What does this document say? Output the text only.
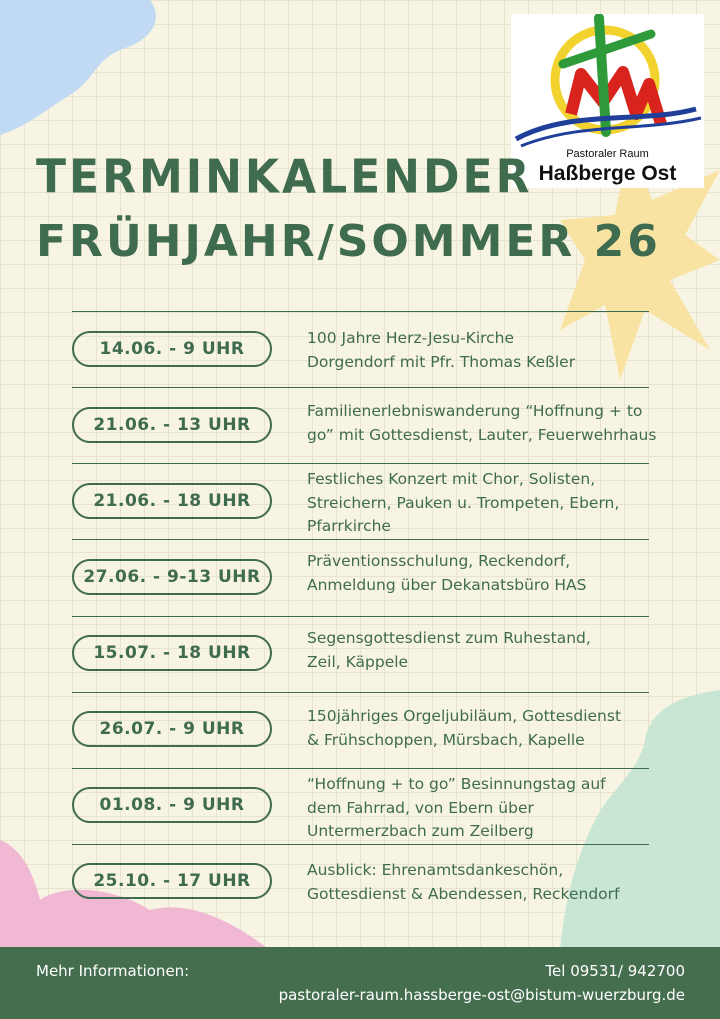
Pastoraler Raum
Haßberge Ost
TERMINKALENDER
FRÜHJAHR/SOMMER 26
14.06. - 9 UHR
100 Jahre Herz-Jesu-Kirche
Dorgendorf mit Pfr. Thomas Keßler
21.06. - 13 UHR
Familienerlebniswanderung “Hoffnung + to
go” mit Gottesdienst, Lauter, Feuerwehrhaus
21.06. - 18 UHR
Festliches Konzert mit Chor, Solisten,
Streichern, Pauken u. Trompeten, Ebern,
Pfarrkirche
27.06. - 9-13 UHR
Präventionsschulung, Reckendorf,
Anmeldung über Dekanatsbüro HAS
15.07. - 18 UHR
Segensgottesdienst zum Ruhestand,
Zeil, Käppele
26.07. - 9 UHR
150jähriges Orgeljubiläum, Gottesdienst
& Frühschoppen, Mürsbach, Kapelle
01.08. - 9 UHR
“Hoffnung + to go” Besinnungstag auf
dem Fahrrad, von Ebern über
Untermerzbach zum Zeilberg
25.10. - 17 UHR
Ausblick: Ehrenamtsdankeschön,
Gottesdienst & Abendessen, Reckendorf
Mehr Informationen:	Tel 09531/ 942700
pastoraler-raum.hassberge-ost@bistum-wuerzburg.de
